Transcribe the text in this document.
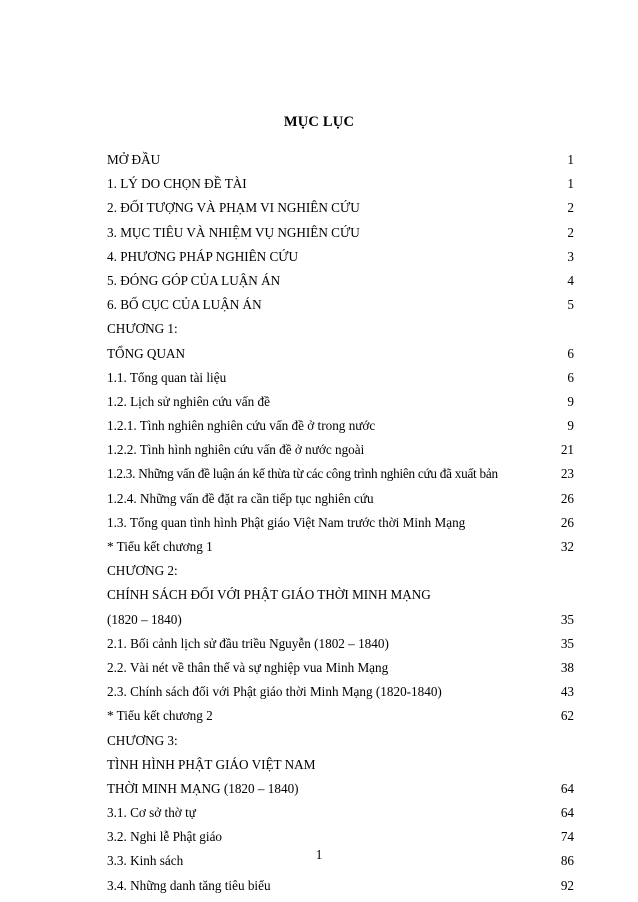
MỤC LỤC
MỞ ĐẦU	1
1. LÝ DO CHỌN ĐỀ TÀI	1
2. ĐỐI TƯỢNG VÀ PHẠM VI NGHIÊN CỨU	2
3. MỤC TIÊU VÀ NHIỆM VỤ NGHIÊN CỨU	2
4. PHƯƠNG PHÁP NGHIÊN CỨU	3
5. ĐÓNG GÓP CỦA LUẬN ÁN	4
6. BỐ CỤC CỦA LUẬN ÁN	5
CHƯƠNG 1:
TỔNG QUAN	6
1.1. Tổng quan tài liệu	6
1.2. Lịch sử nghiên cứu vấn đề	9
1.2.1. Tình nghiên nghiên cứu vấn đề ở trong nước	9
1.2.2. Tình hình nghiên cứu vấn đề ở nước ngoài	21
1.2.3. Những vấn đề luận án kế thừa từ các công trình nghiên cứu đã xuất bản	23
1.2.4. Những vấn đề đặt ra cần tiếp tục nghiên cứu	26
1.3. Tổng quan tình hình Phật giáo Việt Nam trước thời Minh Mạng	26
* Tiểu kết chương 1	32
CHƯƠNG 2:
CHÍNH SÁCH ĐỐI VỚI PHẬT GIÁO THỜI MINH MẠNG
(1820 – 1840)	35
2.1. Bối cảnh lịch sử đầu triều Nguyễn (1802 – 1840)	35
2.2. Vài nét về thân thế và sự nghiệp vua Minh Mạng	38
2.3. Chính sách đối với Phật giáo thời Minh Mạng (1820-1840)	43
* Tiểu kết chương 2	62
CHƯƠNG 3:
TÌNH HÌNH PHẬT GIÁO VIỆT NAM
THỜI MINH MẠNG (1820 – 1840)	64
3.1. Cơ sở thờ tự	64
3.2. Nghi lễ Phật giáo	74
3.3. Kinh sách	86
3.4. Những danh tăng tiêu biểu	92
1
